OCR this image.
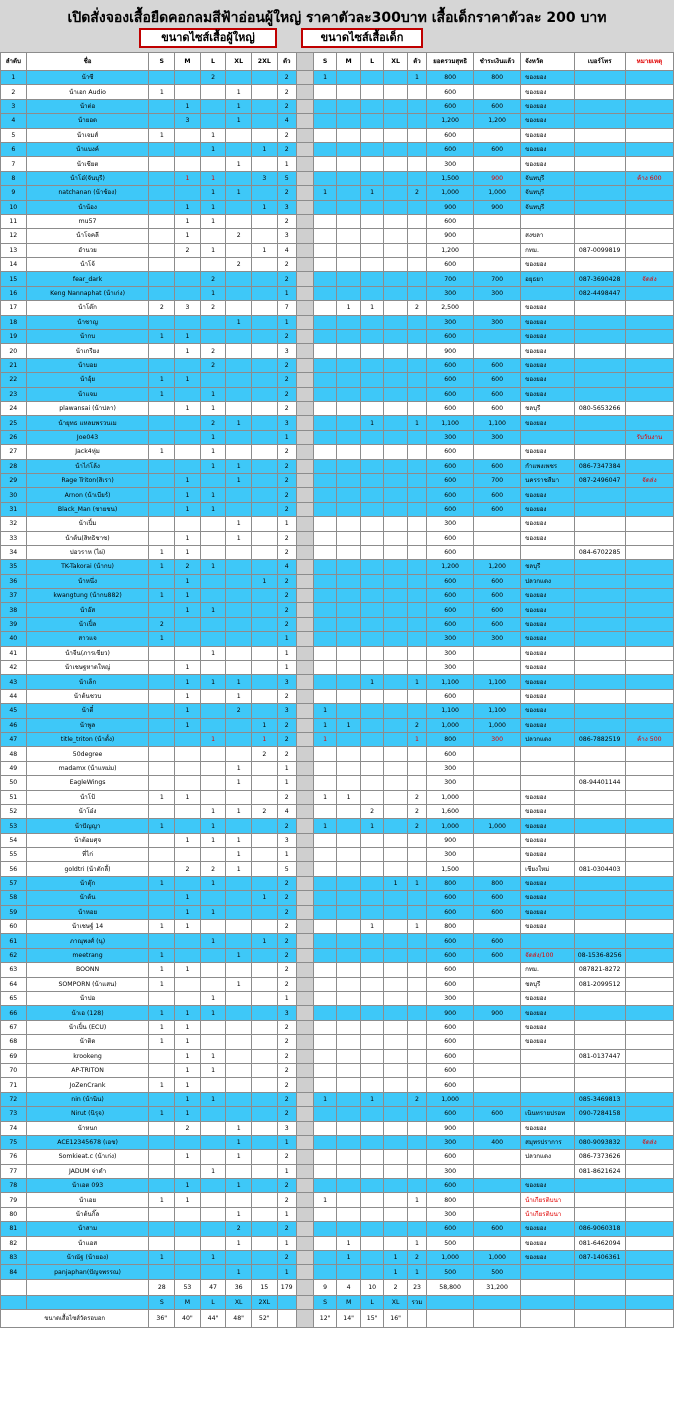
เปิดสั่งจองเสื้อยืดคอกลมสีฟ้าอ่อนผู้ใหญ่ ราคาตัวละ300บาท เสื้อเด็กราคาตัวละ 200 บาท
ขนาดไซส์เสื้อผู้ใหญ่	ขนาดไซส์เสื้อเด็ก
ลำดับ	ชื่อ	S	M	L	XL	2XL	ตัว		S	M	L	XL	ตัว	ยอดรวมสุทธิ	ชำระเงินแล้ว	จังหวัด	เบอร์โทร	หมายเหตุ
1	น้าซี			2			2		1				1	800	800	ของยอง		
2	น้าเอก Audio	1			1		2							600		ของยอง		
3	น้าต่อ		1		1		2							600	600	ของยอง		
4	น้ายอด		3		1		4							1,200	1,200	ของยอง		
5	น้าเจมส์	1		1			2							600		ของยอง		
6	น้าแบงค์			1		1	2							600	600	ของยอง		
7	น้าเชียต				1		1							300		ของยอง		
8	น้าโอ๋(จันบุรี)		1	1		3	5							1,500	900	จันทบุรี		ค้าง 600
9	natchanan (น้าช้อง)			1	1		2		1		1		2	1,000	1,000	จันทบุรี		
10	น้าน้อง		1	1		1	3							900	900	จันทบุรี		
11	mu57		1	1			2							600				
12	น้าโจคลี		1		2		3							900		สงขลา		
13	อำนวย		2	1		1	4							1,200		กทม.	087-0099819	
14	น้าโจ้				2		2							600		ของยอง		
15	fear_dark			2			2							700	700	อยุธยา	087-3690428	จัดส่ง
16	Keng Nannaphat (น้าเก่ง)			1			1							300	300		082-4498447	
17	น้าโต๊ก	2	3	2			7			1	1		2	2,500		ของยอง		
18	น้าชาญ				1		1							300	300	ของยอง		
19	น้ากบ	1	1				2							600		ของยอง		
20	น้าเกรียง		1	2			3							900		ของยอง		
21	น้าบอย			2			2							600	600	ของยอง		
22	น้าอุ้ย	1	1				2							600	600	ของยอง		
23	น้าแจม	1		1			2							600	600	ของยอง		
24	plawansai (น้าปลา)		1	1			2							600	600	ชลบุรี	080-5653266	
25	น้ายุทธ แหลมพรวนเม			2	1		3				1		1	1,100	1,100	ของยอง		
26	Joe043			1			1							300	300			รับวันงาน
27	Jack4หุ่ม	1		1			2							600		ของยอง		
28	น้าไก่โล้ง			1	1		2							600	600	กำแพงเพชร	086-7347384	
29	Rage Triton(สิเรา)		1		1		2							600	700	นครราชสีมา	087-2496047	จัดส่ง
30	Arnon (น้าเบียร์)		1	1			2							600	600	ของยอง		
31	Black_Man (ชายชน)		1	1			2							600	600	ของยอง		
32	น้าเปิ้ม				1		1							300		ของยอง		
33	น้าต้น(สิทธิชาช)		1		1		2							600		ของยอง		
34	ปอวราห (ไผ่)	1	1				2							600			084-6702285	
35	TK-Takorai (น้ากบ)	1	2	1			4							1,200	1,200	ชลบุรี		
36	น้าหนึ่ง		1			1	2							600	600	ปลวกแดง		
37	kwangtung (น้ากบ882)	1	1				2							600	600	ของยอง		
38	น้าอ๊ส		1	1			2							600	600	ของยอง		
39	น้าเปิ้ล	2					2							600	600	ของยอง		
40	สาวแจ	1					1							300	300	ของยอง		
41	น้าจีน(ภารเชียว)			1			1							300		ของยอง		
42	น้าเชษฐหาดใหญ่		1				1							300		ของยอง		
43	น้าเล็ก		1	1	1		3				1		1	1,100	1,100	ของยอง		
44	น้าต้นชวบ		1		1		2							600		ของยอง		
45	น้าตี๋		1		2		3		1					1,100	1,100	ของยอง		
46	น้าพูล		1			1	2		1	1			2	1,000	1,000	ของยอง		
47	title_triton (น้าตั้ง)			1		1	2		1				1	800	300	ปลวกแดง	086-7882519	ค้าง 500
48	50degree					2	2							600				
49	madamx (น้าแหม่ม)				1		1							300				
50	EagleWings				1		1							300			08-94401144	
51	น้าโป้	1	1				2		1	1			2	1,000		ของยอง		
52	น้าโอ๋ง			1	1	2	4				2		2	1,600		ของยอง		
53	น้าปัญญา	1		1			2		1		1		2	1,000	1,000	ของยอง		
54	น้าต้อมศุจ		1	1	1		3							900		ของยอง		
55	ที่ไก่				1		1							300		ของยอง		
56	goldtri (น้าตักลี้)		2	2	1		5							1,500		เชียงใหม่	081-0304403	
57	น้าตุ๊ก	1		1			2					1	1	800	800	ของยอง		
58	น้าต้น		1			1	2							600	600	ของยอง		
59	น้าหอย		1	1			2							600	600	ของยอง		
60	น้าเชษฐ์ 14	1	1				2				1		1	800		ของยอง		
61	ภาณุพงศ์ (นุ)			1		1	2							600	600			
62	meetrang	1			1		2							600	600	จัดส่ง/100	08-1536-8256	
63	BOONN	1	1				2							600		กทม.	087821-8272	
64	SOMPORN (น้าแสน)	1			1		2							600		ชลบุรี	081-2099512	
65	น้าปอ			1			1							300		ของยอง		
66	น้าเอ (128)	1	1	1			3							900	900	ของยอง		
67	น้าเปิ้น (ECU)	1	1				2							600		ของยอง		
68	น้าติด	1	1				2							600		ของยอง		
69	krookeng		1	1			2							600			081-0137447	
70	AP-TRITON		1	1			2							600				
71	JoZenCrank	1	1				2							600				
72	nin (น้านิน)		1	1			2		1		1		2	1,000			085-3469813	
73	Nirut (นิรุจ)	1	1				2							600	600	เนินทรายปรอท	090-7284158	
74	น้าหนก		2		1		3							900		ของยอง		
75	ACE12345678 (เอช)				1		1							300	400	สมุทรปราการ	080-9093832	จัดส่ง
76	Somkieat.c (น้าเก่ง)		1		1		2							600		ปลวกแดง	086-7373626	
77	JADUM จ่าดำ			1			1							300			081-8621624	
78	น้าเอต 093		1		1		2							600		ของยอง		
79	น้าเอย	1	1				2		1				1	800		น้าเกียรติบนา		
80	น้าต้นกิ๊ล				1		1							300		น้าเกียรติบนา		
81	น้าสาม				2		2							600	600	ของยอง	086-9060318	
82	น้าแอส				1		1			1			1	500		ของยอง	081-6462094	
83	น้าณัฐ (น้ายอง)	1		1			2			1		1	2	1,000	1,000	ของยอง	087-1406361	
84	panjaphan(ปัญจพรรณ)				1		1					1	1	500	500			
		28	53	47	36	15	179		9	4	10	2	23	58,800	31,200			
		S	M	L	XL	2XL			S	M	L	XL	รวม					
ขนาดเสื้อไซส์วัดรอบอก		36"	40"	44"	48"	52"			12"	14"	15"	16"						
